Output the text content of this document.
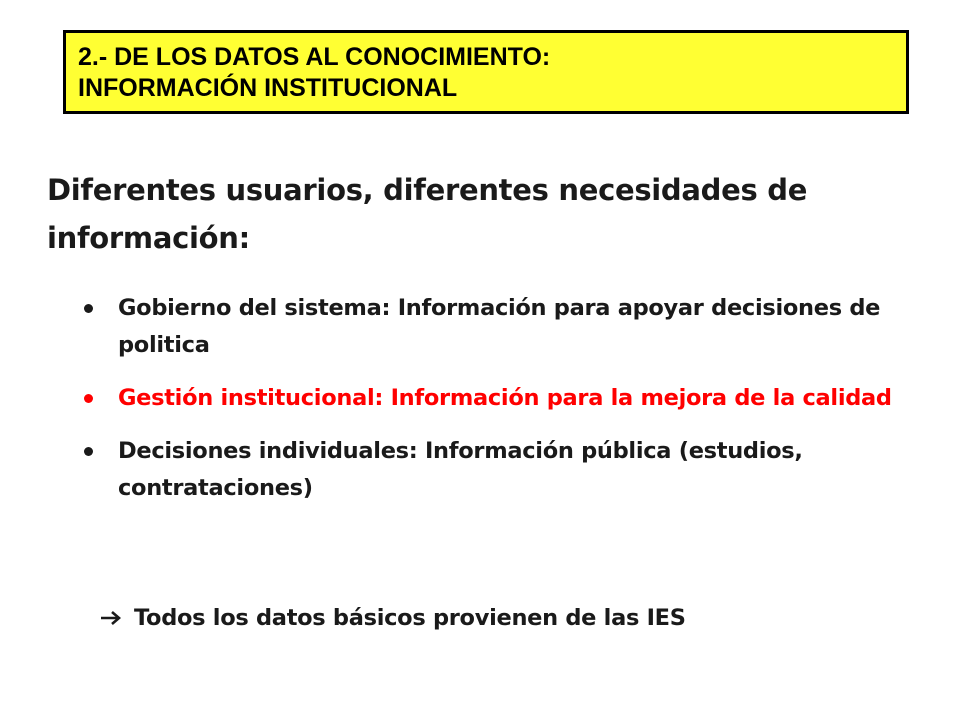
2.- DE LOS DATOS AL CONOCIMIENTO:
INFORMACIÓN INSTITUCIONAL
Diferentes usuarios, diferentes necesidades de información:
Gobierno del sistema: Información para apoyar decisiones de politica
Gestión institucional: Información para la mejora de la calidad
Decisiones individuales: Información pública (estudios, contrataciones)
Todos los datos básicos provienen de las IES
